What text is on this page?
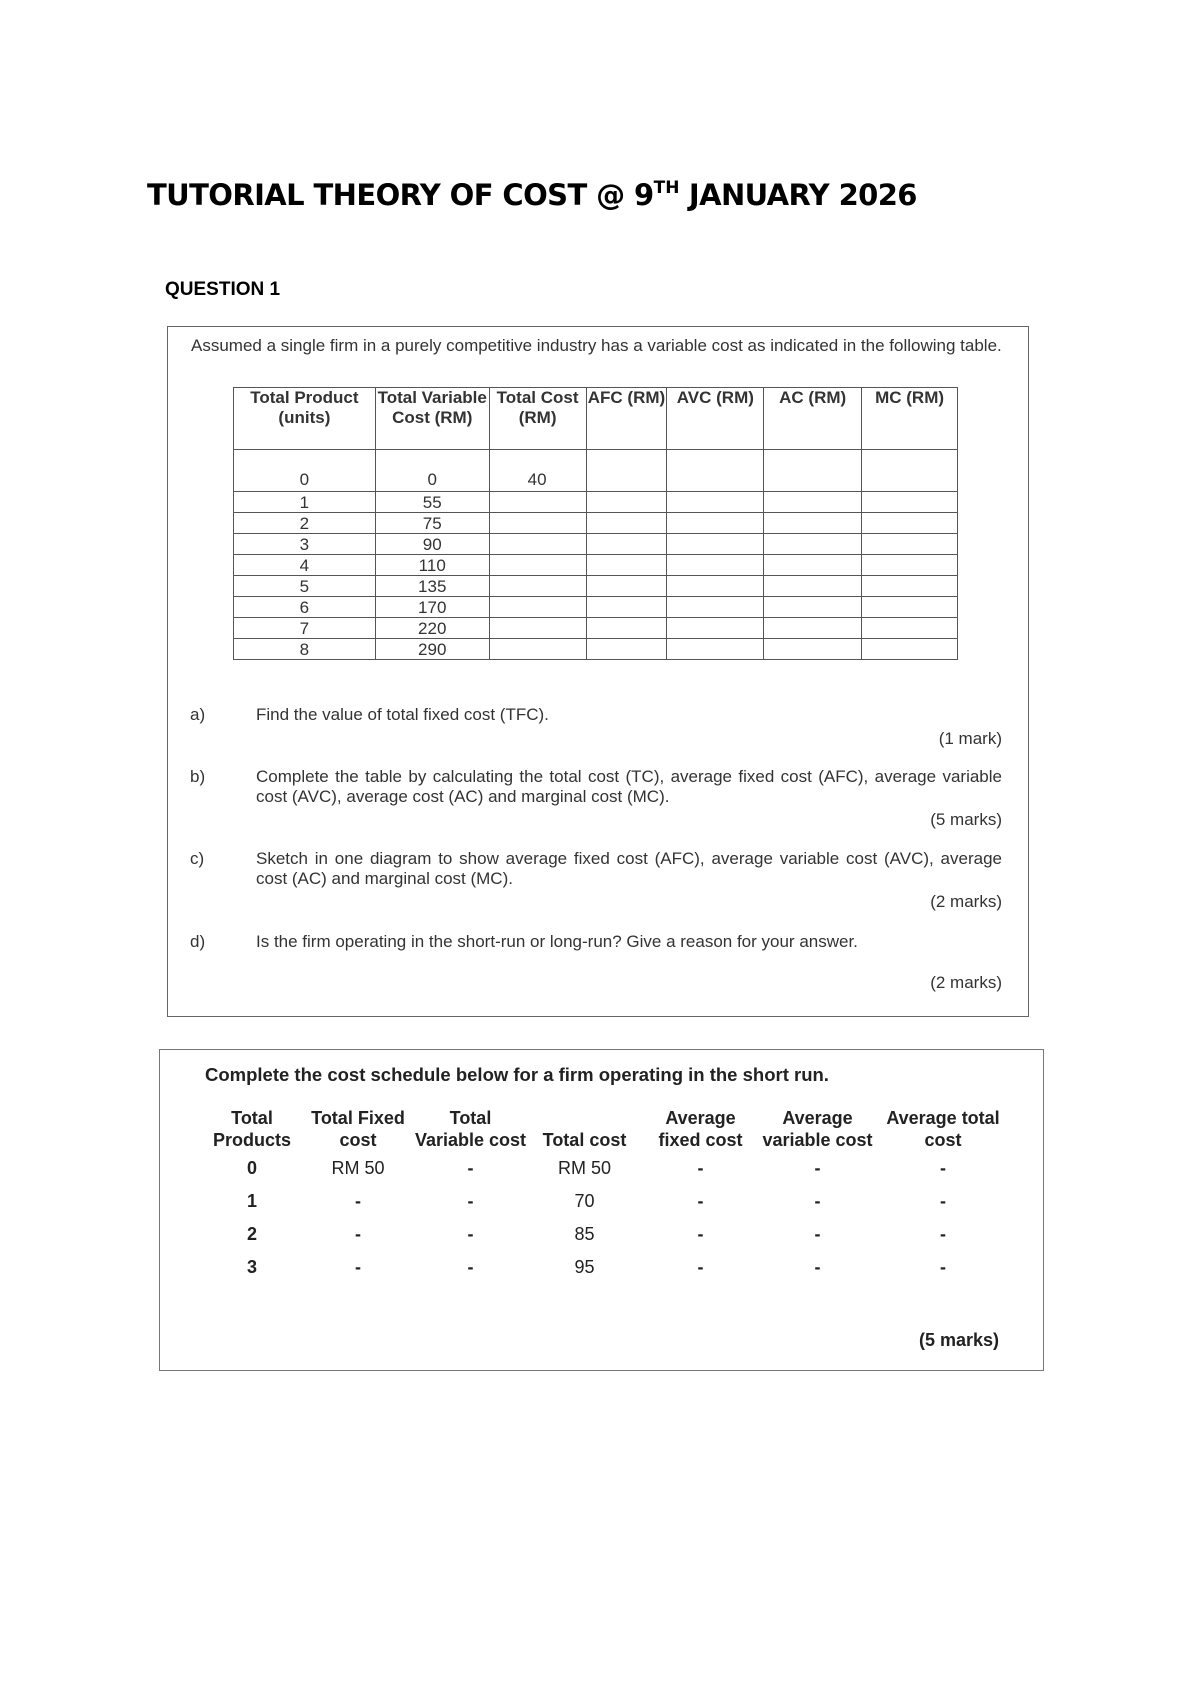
TUTORIAL THEORY OF COST @ 9TH JANUARY 2026
QUESTION 1
Assumed a single firm in a purely competitive industry has a variable cost as indicated in the following table.
Total Product (units)	Total Variable Cost (RM)	Total Cost (RM)	AFC (RM)	AVC (RM)	AC (RM)	MC (RM)
0	0	40				
1	55					
2	75					
3	90					
4	110					
5	135					
6	170					
7	220					
8	290					
a)	Find the value of total fixed cost (TFC).
(1 mark)
b)	Complete the table by calculating the total cost (TC), average fixed cost (AFC), average variable cost (AVC), average cost (AC) and marginal cost (MC).
(5 marks)
c)	Sketch in one diagram to show average fixed cost (AFC), average variable cost (AVC), average cost (AC) and marginal cost (MC).
(2 marks)
d)	Is the firm operating in the short-run or long-run? Give a reason for your answer.
(2 marks)
Complete the cost schedule below for a firm operating in the short run.
Total Products	Total Fixed cost	Total Variable cost	Total cost	Average fixed cost	Average variable cost	Average total cost
0	RM 50	-	RM 50	-	-	-
1	-	-	70	-	-	-
2	-	-	85	-	-	-
3	-	-	95	-	-	-
(5 marks)
